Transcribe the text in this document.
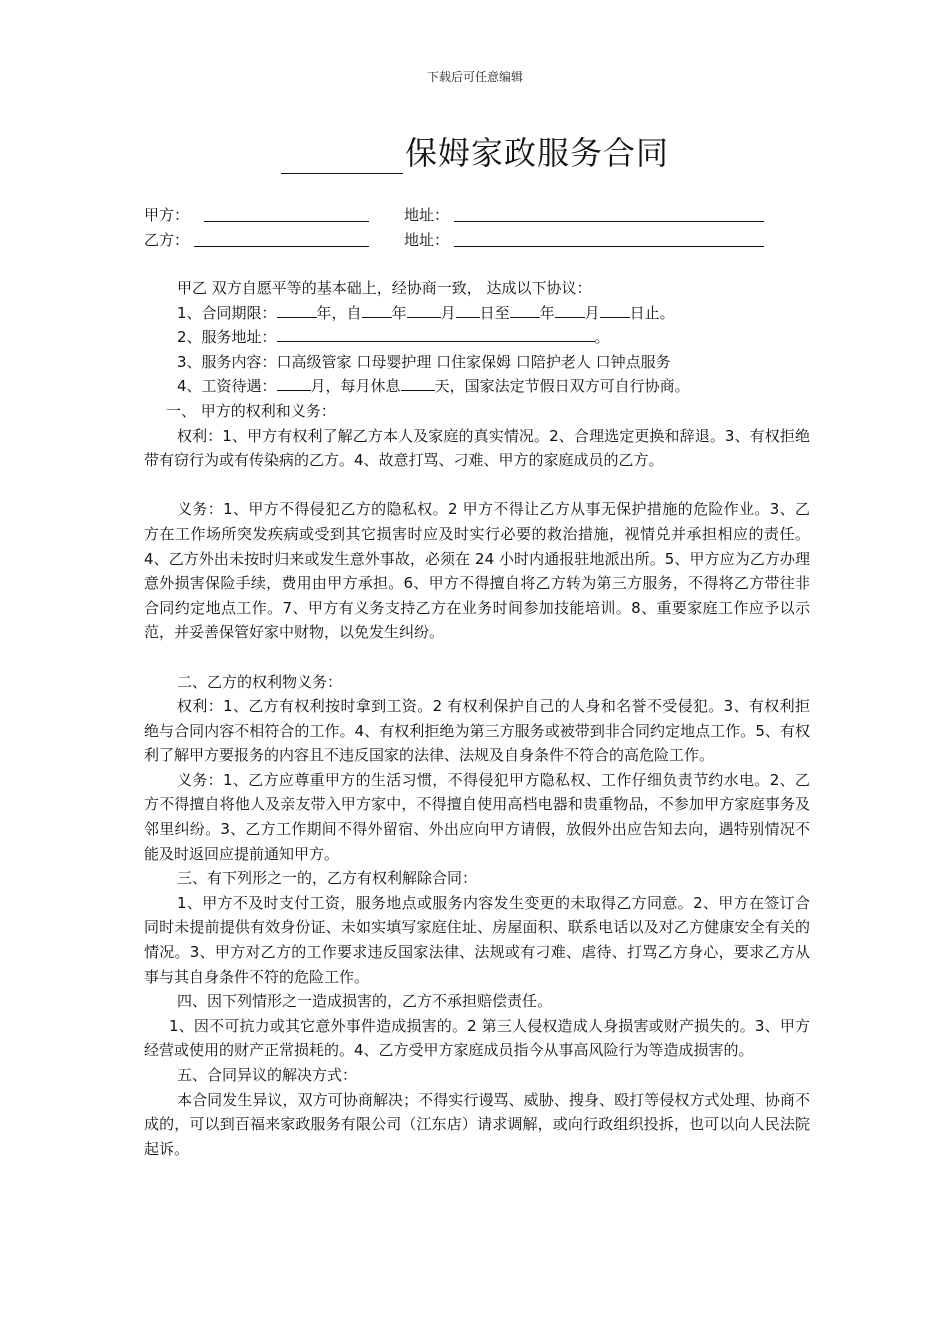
下载后可任意编辑
保姆家政服务合同
甲方：	地址：
乙方：	地址：

甲乙 双方自愿平等的基本础上，经协商一致， 达成以下协议：

1、合同期限：	年，自 年 月 日至 年 月 日止。

2、服务地址：	。

3、服务内容：口高级管家 口母婴护理 口住家保姆 口陪护老人 口钟点服务

4、工资待遇： 月，每月休息 天，国家法定节假日双方可自行协商。

一、 甲方的权利和义务：

权利：1、甲方有权利了解乙方本人及家庭的真实情况。2、合理选定更换和辞退。3、有权拒绝带有窃行为或有传染病的乙方。4、故意打骂、刁难、甲方的家庭成员的乙方。

义务：1、甲方不得侵犯乙方的隐私权。2 甲方不得让乙方从事无保护措施的危险作业。3、乙方在工作场所突发疾病或受到其它损害时应及时实行必要的救治措施，视情兑并承担相应的责任。4、乙方外出未按时归来或发生意外事故，必须在 24 小时内通报驻地派出所。5、甲方应为乙方办理意外损害保险手续，费用由甲方承担。6、甲方不得擅自将乙方转为第三方服务，不得将乙方带往非合同约定地点工作。7、甲方有义务支持乙方在业务时间参加技能培训。8、重要家庭工作应予以示范，并妥善保管好家中财物，以免发生纠纷。

二、乙方的权利物义务：

权利：1、乙方有权利按时拿到工资。2 有权利保护自己的人身和名誉不受侵犯。3、有权利拒绝与合同内容不相符合的工作。4、有权利拒绝为第三方服务或被带到非合同约定地点工作。5、有权利了解甲方要报务的内容且不违反国家的法律、法规及自身条件不符合的高危险工作。

义务：1、乙方应尊重甲方的生活习惯，不得侵犯甲方隐私权、工作仔细负责节约水电。2、乙方不得擅自将他人及亲友带入甲方家中，不得擅自使用高档电器和贵重物品，不参加甲方家庭事务及邻里纠纷。3、乙方工作期间不得外留宿、外出应向甲方请假，放假外出应告知去向，遇特别情况不能及时返回应提前通知甲方。

三、有下列形之一的，乙方有权利解除合同：

1、甲方不及时支付工资，服务地点或服务内容发生变更的未取得乙方同意。2、甲方在签订合同时未提前提供有效身份证、未如实填写家庭住址、房屋面积、联系电话以及对乙方健康安全有关的情况。3、甲方对乙方的工作要求违反国家法律、法规或有刁难、虐待、打骂乙方身心，要求乙方从事与其自身条件不符的危险工作。

四、因下列情形之一造成损害的，乙方不承担赔偿责任。

1、因不可抗力或其它意外事件造成损害的。2 第三人侵权造成人身损害或财产损失的。3、甲方经营或使用的财产正常损耗的。4、乙方受甲方家庭成员指今从事高风险行为等造成损害的。

五、合同异议的解决方式：

本合同发生异议，双方可协商解决；不得实行谩骂、威胁、搜身、殴打等侵权方式处理、协商不成的，可以到百福来家政服务有限公司（江东店）请求调解，或向行政组织投拆，也可以向人民法院起诉。
